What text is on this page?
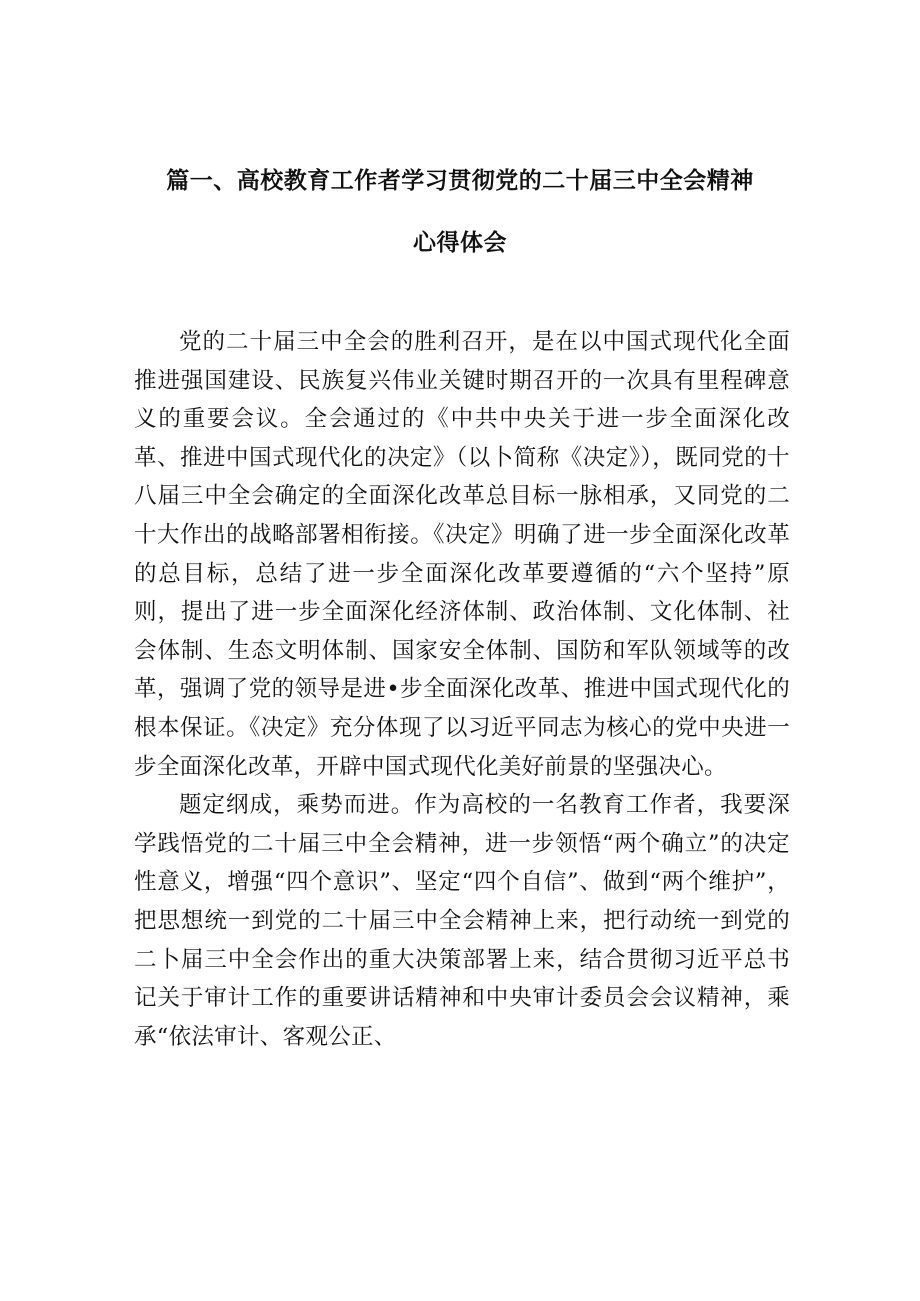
篇一、高校教育工作者学习贯彻党的二十届三中全会精神
心得体会

党的二十届三中全会的胜利召开，是在以中国式现代化全面推进强国建设、民族复兴伟业关键时期召开的一次具有里程碑意义的重要会议。全会通过的《中共中央关于进一步全面深化改革、推进中国式现代化的决定》（以卜简称《决定》），既同党的十八届三中全会确定的全面深化改革总目标一脉相承，又同党的二十大作出的战略部署相衔接。《决定》明确了进一步全面深化改革的总目标，总结了进一步全面深化改革要遵循的“六个坚持”原则，提出了进一步全面深化经济体制、政治体制、文化体制、社会体制、生态文明体制、国家安全体制、国防和军队领域等的改革，强调了党的领导是进•步全面深化改革、推进中国式现代化的根本保证。《决定》充分体现了以习近平同志为核心的党中央进一步全面深化改革，开辟中国式现代化美好前景的坚强决心。

题定纲成，乘势而进。作为高校的一名教育工作者，我要深学践悟党的二十届三中全会精神，进一步领悟“两个确立”的决定性意义，增强“四个意识”、坚定“四个自信”、做到“两个维护”，把思想统一到党的二十届三中全会精神上来，把行动统一到党的二卜届三中全会作出的重大决策部署上来，结合贯彻习近平总书记关于审计工作的重要讲话精神和中央审计委员会会议精神，乘承“依法审计、客观公正、
